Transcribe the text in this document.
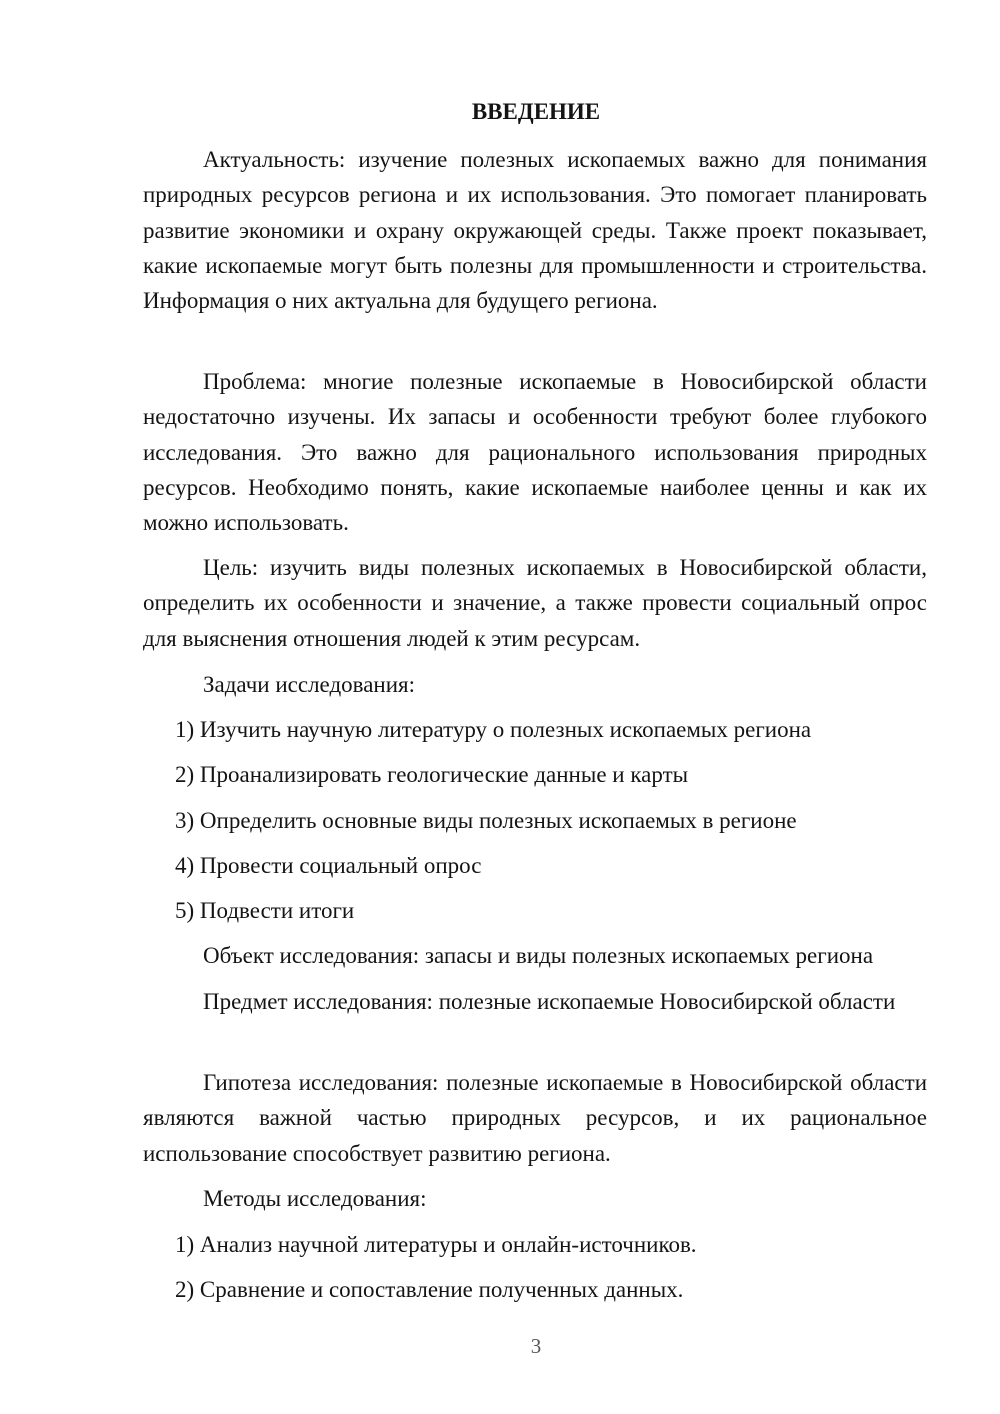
ВВЕДЕНИЕ

Актуальность: изучение полезных ископаемых важно для понимания природных ресурсов региона и их использования. Это помогает планировать развитие экономики и охрану окружающей среды. Также проект показывает, какие ископаемые могут быть полезны для промышленности и строительства. Информация о них актуальна для будущего региона.

Проблема: многие полезные ископаемые в Новосибирской области недостаточно изучены. Их запасы и особенности требуют более глубокого исследования. Это важно для рационального использования природных ресурсов. Необходимо понять, какие ископаемые наиболее ценны и как их можно использовать.

Цель: изучить виды полезных ископаемых в Новосибирской области, определить их особенности и значение, а также провести социальный опрос для выяснения отношения людей к этим ресурсам.

Задачи исследования:
1) Изучить научную литературу о полезных ископаемых региона
2) Проанализировать геологические данные и карты
3) Определить основные виды полезных ископаемых в регионе
4) Провести социальный опрос
5) Подвести итоги
Объект исследования: запасы и виды полезных ископаемых региона

Предмет исследования: полезные ископаемые Новосибирской области

Гипотеза исследования: полезные ископаемые в Новосибирской области являются важной частью природных ресурсов, и их рациональное использование способствует развитию региона.

Методы исследования:
1) Анализ научной литературы и онлайн-источников.
2) Сравнение и сопоставление полученных данных.
3
